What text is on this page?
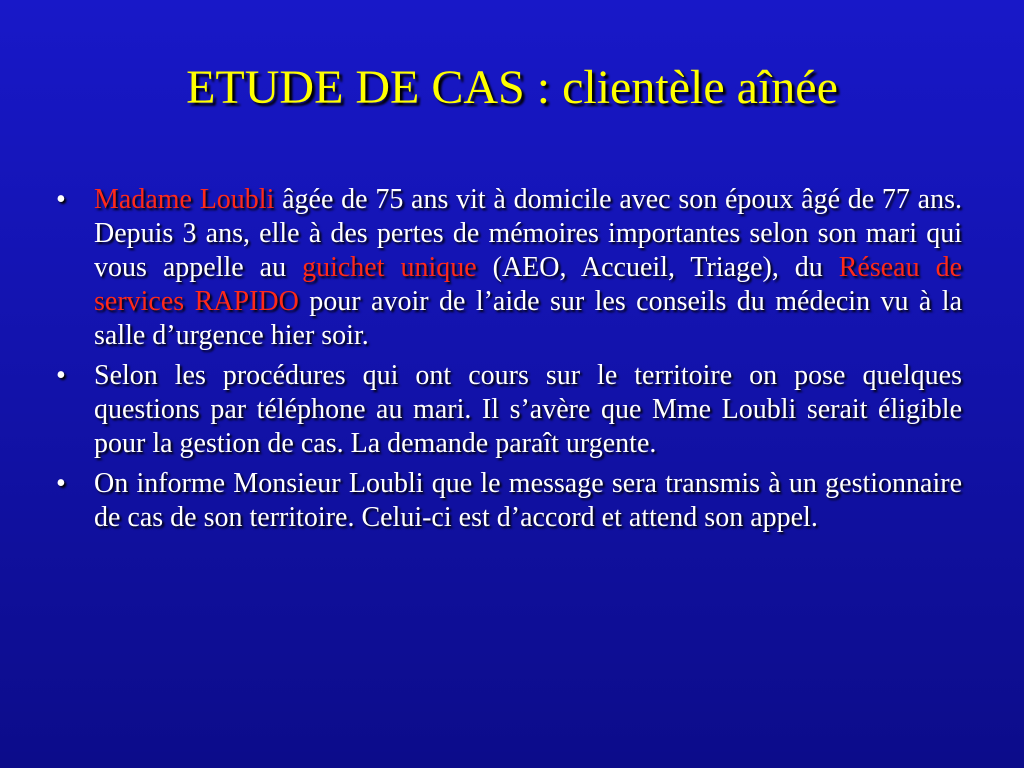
ETUDE DE CAS : clientèle aînée
•	Madame Loubli âgée de 75 ans vit à domicile avec son époux âgé de 77 ans. Depuis 3 ans, elle à des pertes de mémoires importantes selon son mari qui vous appelle au guichet unique (AEO, Accueil, Triage), du Réseau de services RAPIDO pour avoir de l’aide sur les conseils du médecin vu à la salle d’urgence hier soir.
•	Selon les procédures qui ont cours sur le territoire on pose quelques questions par téléphone au mari. Il s’avère que Mme Loubli serait éligible pour la gestion de cas. La demande paraît urgente.
•	On informe Monsieur Loubli que le message sera transmis à un gestionnaire de cas de son territoire. Celui-ci est d’accord et attend son appel.
